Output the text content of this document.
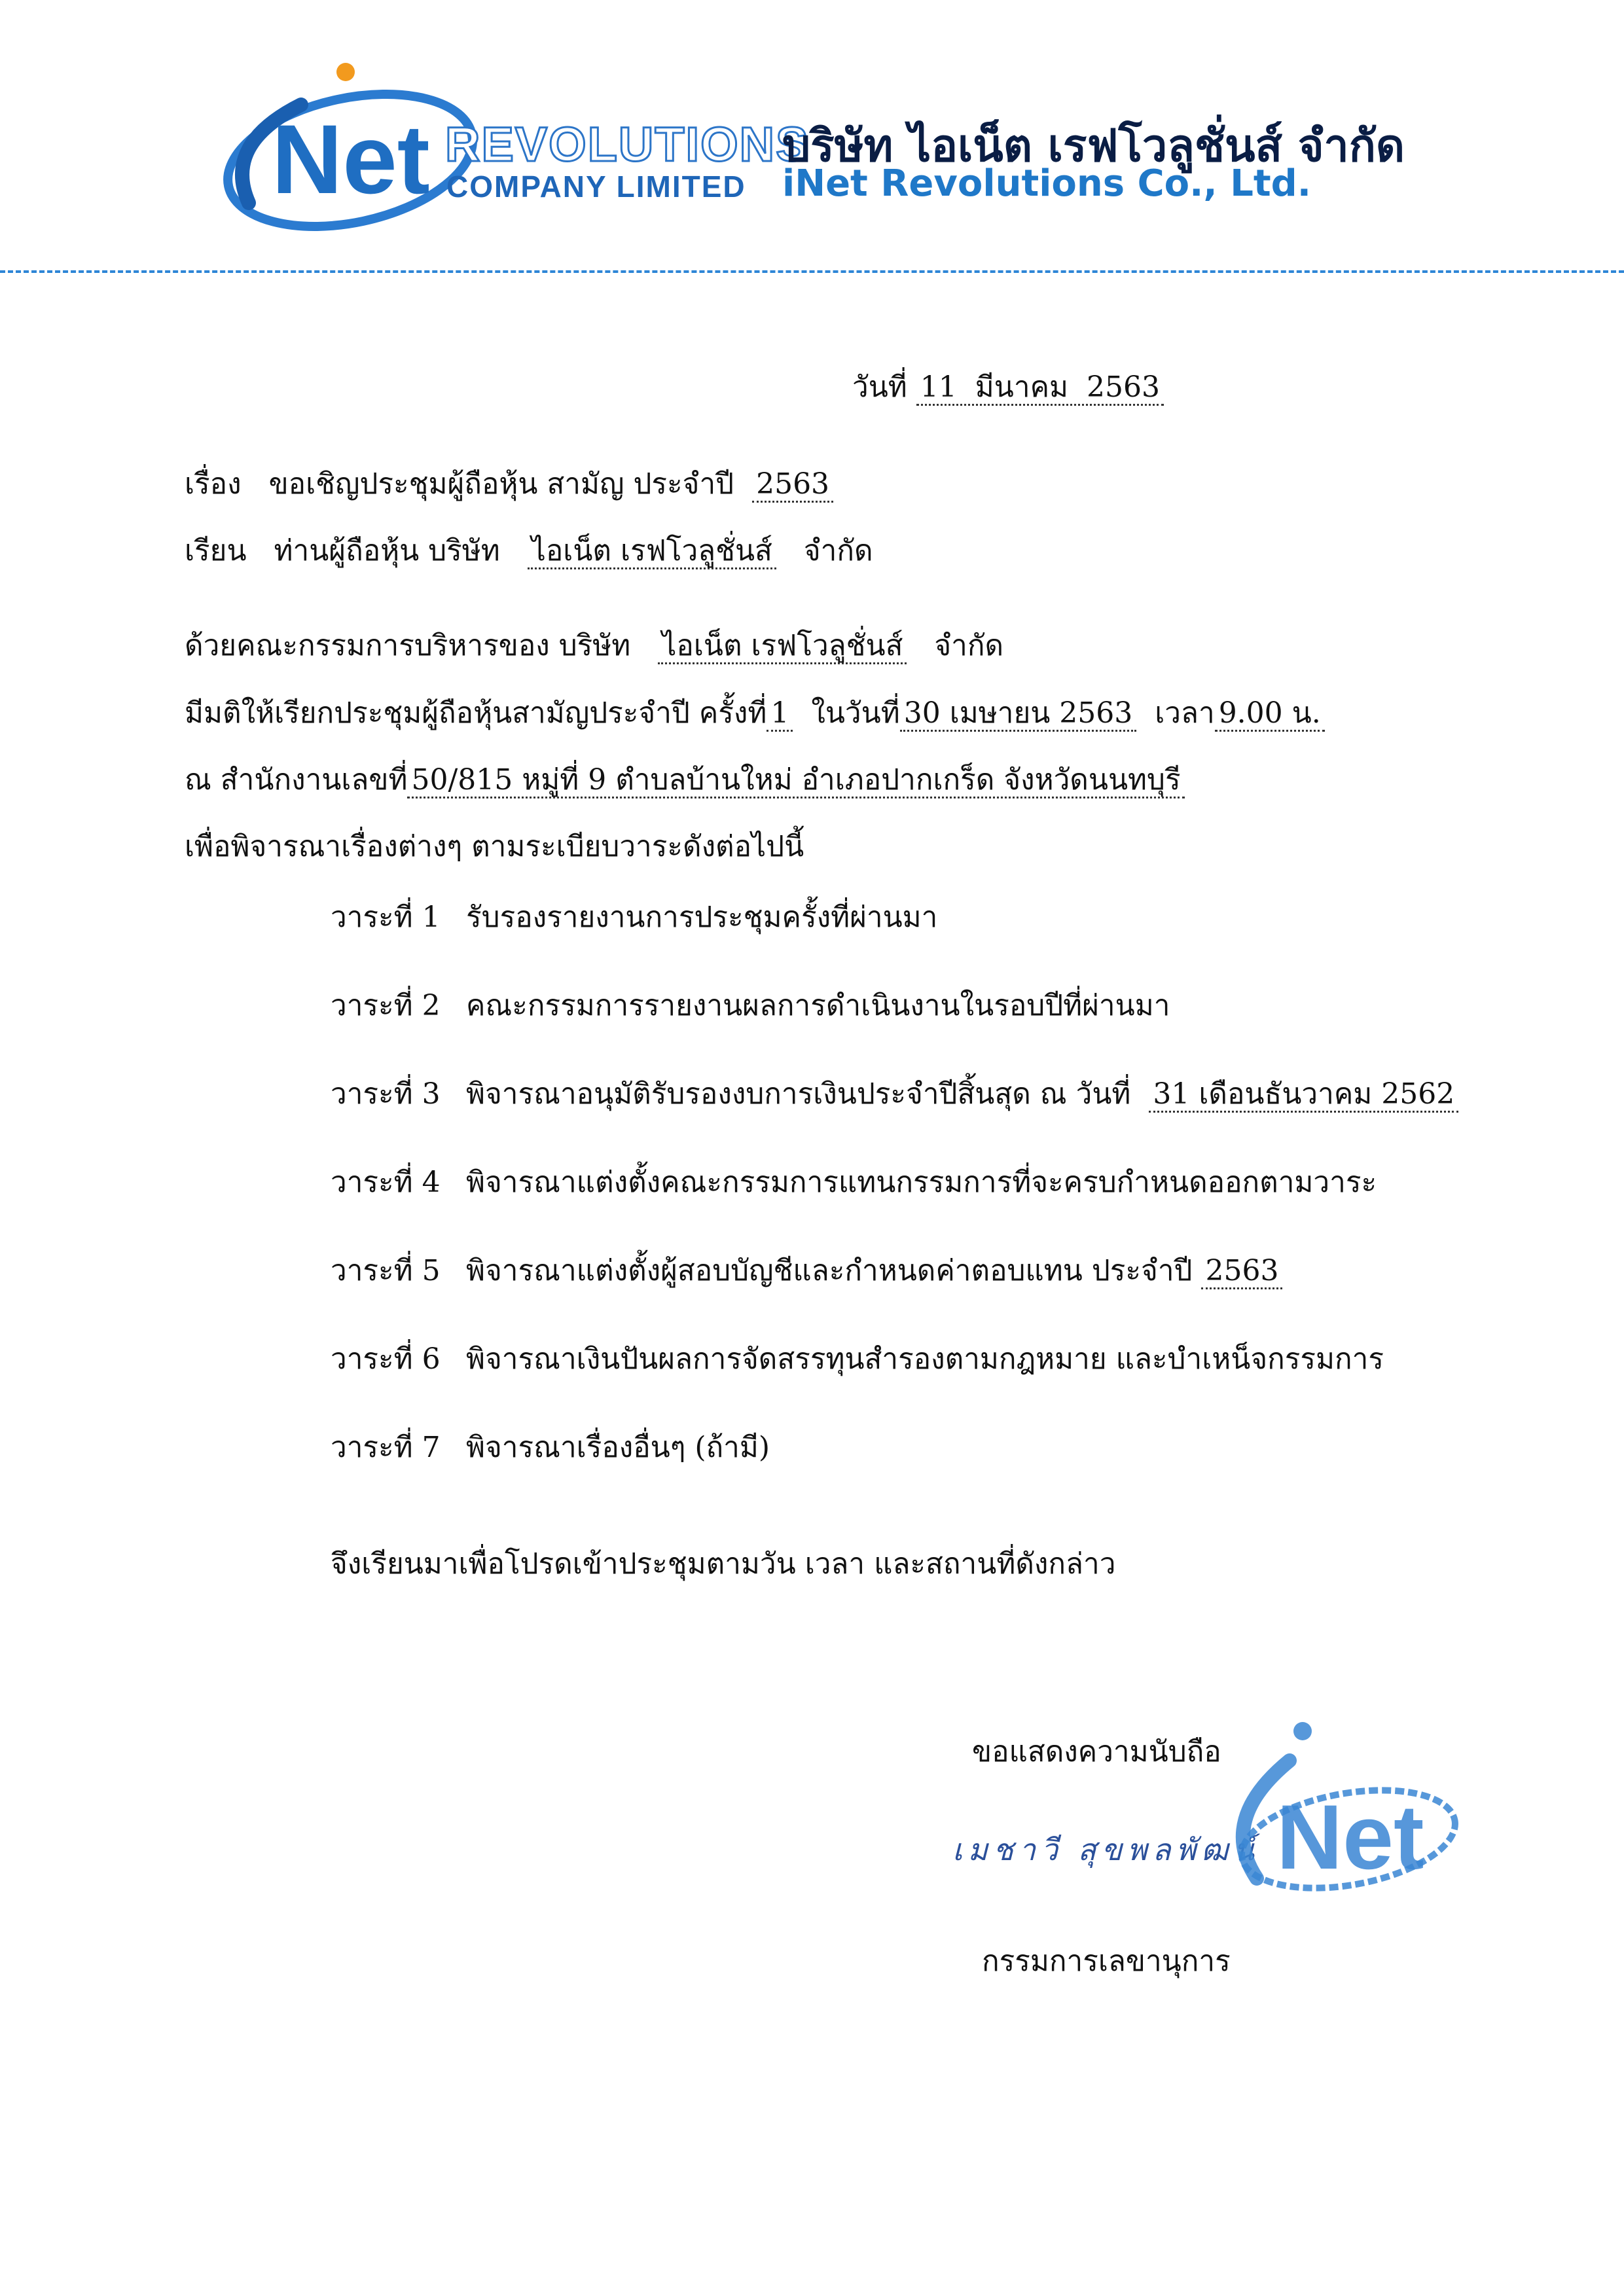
Net REVOLUTIONS
COMPANY LIMITED
บริษัท ไอเน็ต เรฟโวลูชั่นส์ จำกัด
iNet Revolutions Co., Ltd.
วันที่ 11 มีนาคม 2563
เรื่อง ขอเชิญประชุมผู้ถือหุ้น สามัญ ประจำปี 2563
เรียน ท่านผู้ถือหุ้น บริษัท ไอเน็ต เรฟโวลูชั่นส์ จำกัด
ด้วยคณะกรรมการบริหารของ บริษัท ไอเน็ต เรฟโวลูชั่นส์ จำกัด
มีมติให้เรียกประชุมผู้ถือหุ้นสามัญประจำปี ครั้งที่ 1 ในวันที่ 30 เมษายน 2563 เวลา 9.00 น.
ณ สำนักงานเลขที่ 50/815 หมู่ที่ 9 ตำบลบ้านใหม่ อำเภอปากเกร็ด จังหวัดนนทบุรี
เพื่อพิจารณาเรื่องต่างๆ ตามระเบียบวาระดังต่อไปนี้
วาระที่ 1 รับรองรายงานการประชุมครั้งที่ผ่านมา
วาระที่ 2 คณะกรรมการรายงานผลการดำเนินงานในรอบปีที่ผ่านมา
วาระที่ 3 พิจารณาอนุมัติรับรองงบการเงินประจำปีสิ้นสุด ณ วันที่ 31 เดือนธันวาคม 2562
วาระที่ 4 พิจารณาแต่งตั้งคณะกรรมการแทนกรรมการที่จะครบกำหนดออกตามวาระ
วาระที่ 5 พิจารณาแต่งตั้งผู้สอบบัญชีและกำหนดค่าตอบแทน ประจำปี 2563
วาระที่ 6 พิจารณาเงินปันผลการจัดสรรทุนสำรองตามกฎหมาย และบำเหน็จกรรมการ
วาระที่ 7 พิจารณาเรื่องอื่นๆ (ถ้ามี)
จึงเรียนมาเพื่อโปรดเข้าประชุมตามวัน เวลา และสถานที่ดังกล่าว
ขอแสดงความนับถือ
เมชาวี สุขพลพัฒน์ Net
กรรมการเลขานุการ
